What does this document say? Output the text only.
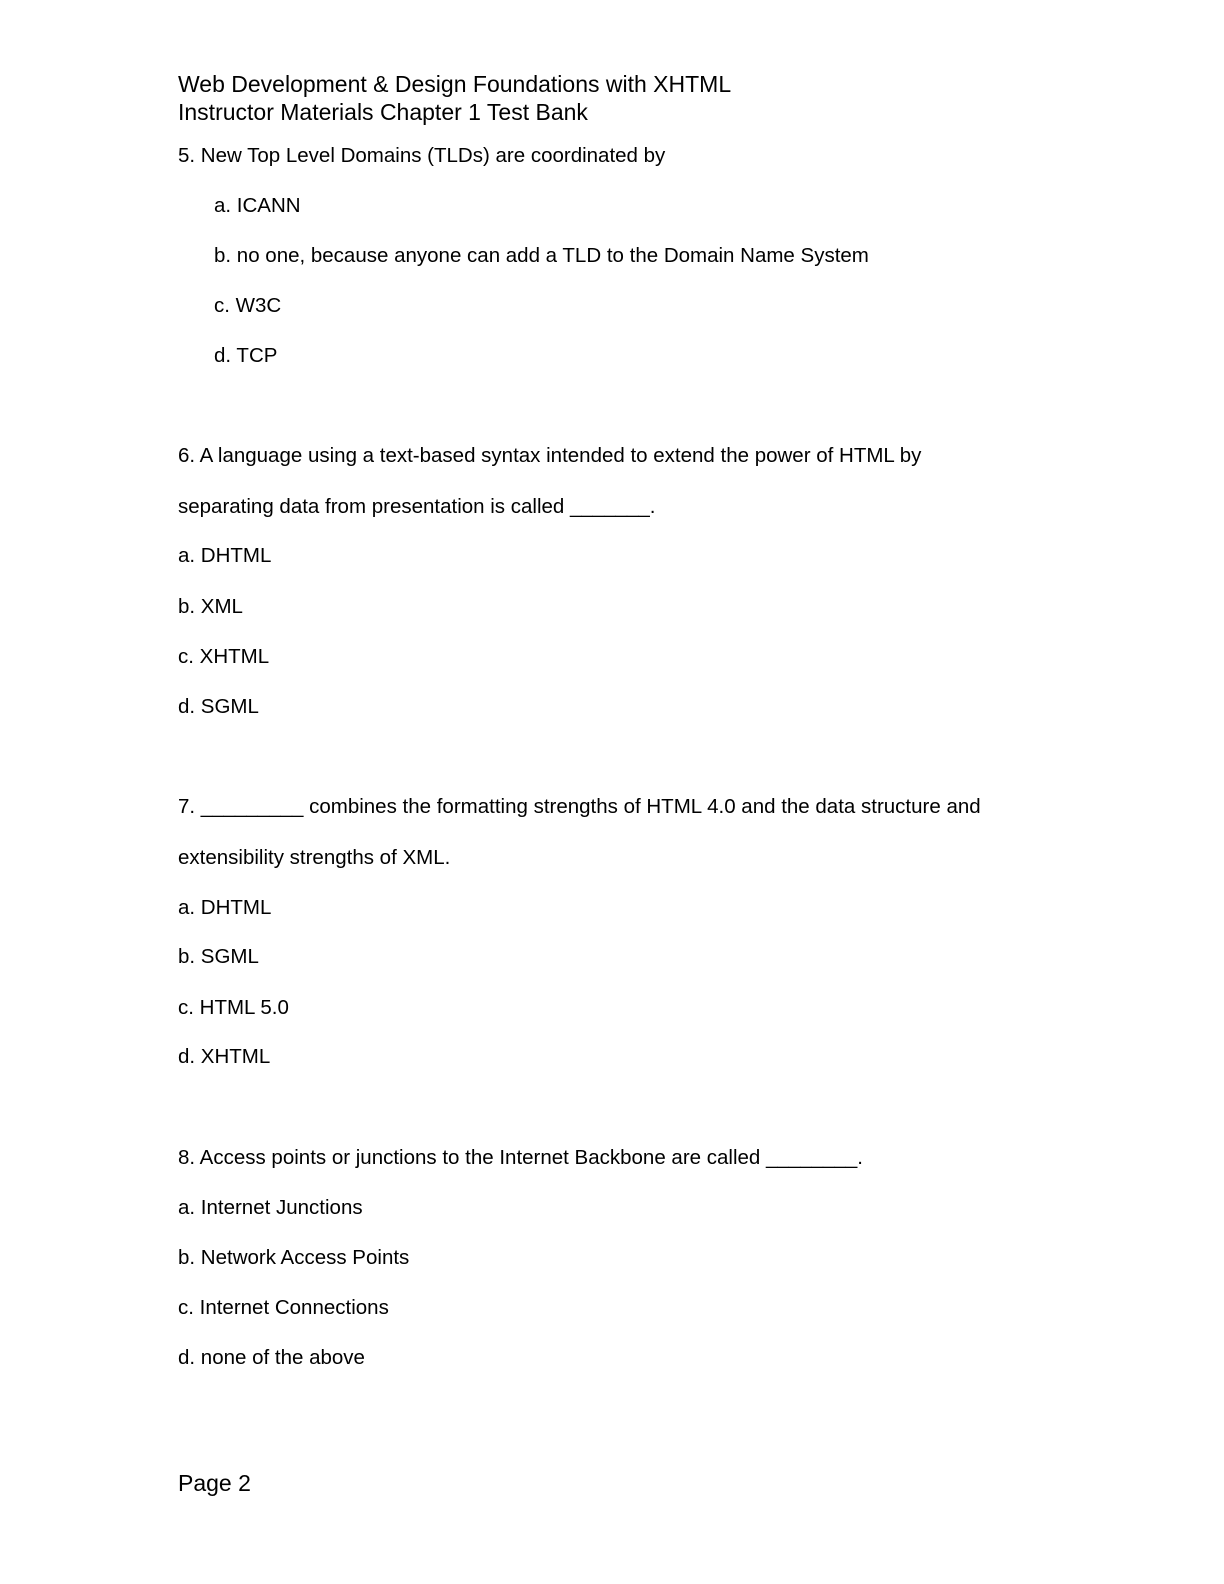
Web Development & Design Foundations with XHTML
Instructor Materials Chapter 1 Test Bank

5. New Top Level Domains (TLDs) are coordinated by

a. ICANN

b. no one, because anyone can add a TLD to the Domain Name System

c. W3C

d. TCP

6. A language using a text-based syntax intended to extend the power of HTML by

separating data from presentation is called _______.

a. DHTML

b. XML

c. XHTML

d. SGML

7. _________ combines the formatting strengths of HTML 4.0 and the data structure and

extensibility strengths of XML.

a. DHTML

b. SGML

c. HTML 5.0

d. XHTML

8. Access points or junctions to the Internet Backbone are called ________.

a. Internet Junctions

b. Network Access Points

c. Internet Connections

d. none of the above

Page 2
